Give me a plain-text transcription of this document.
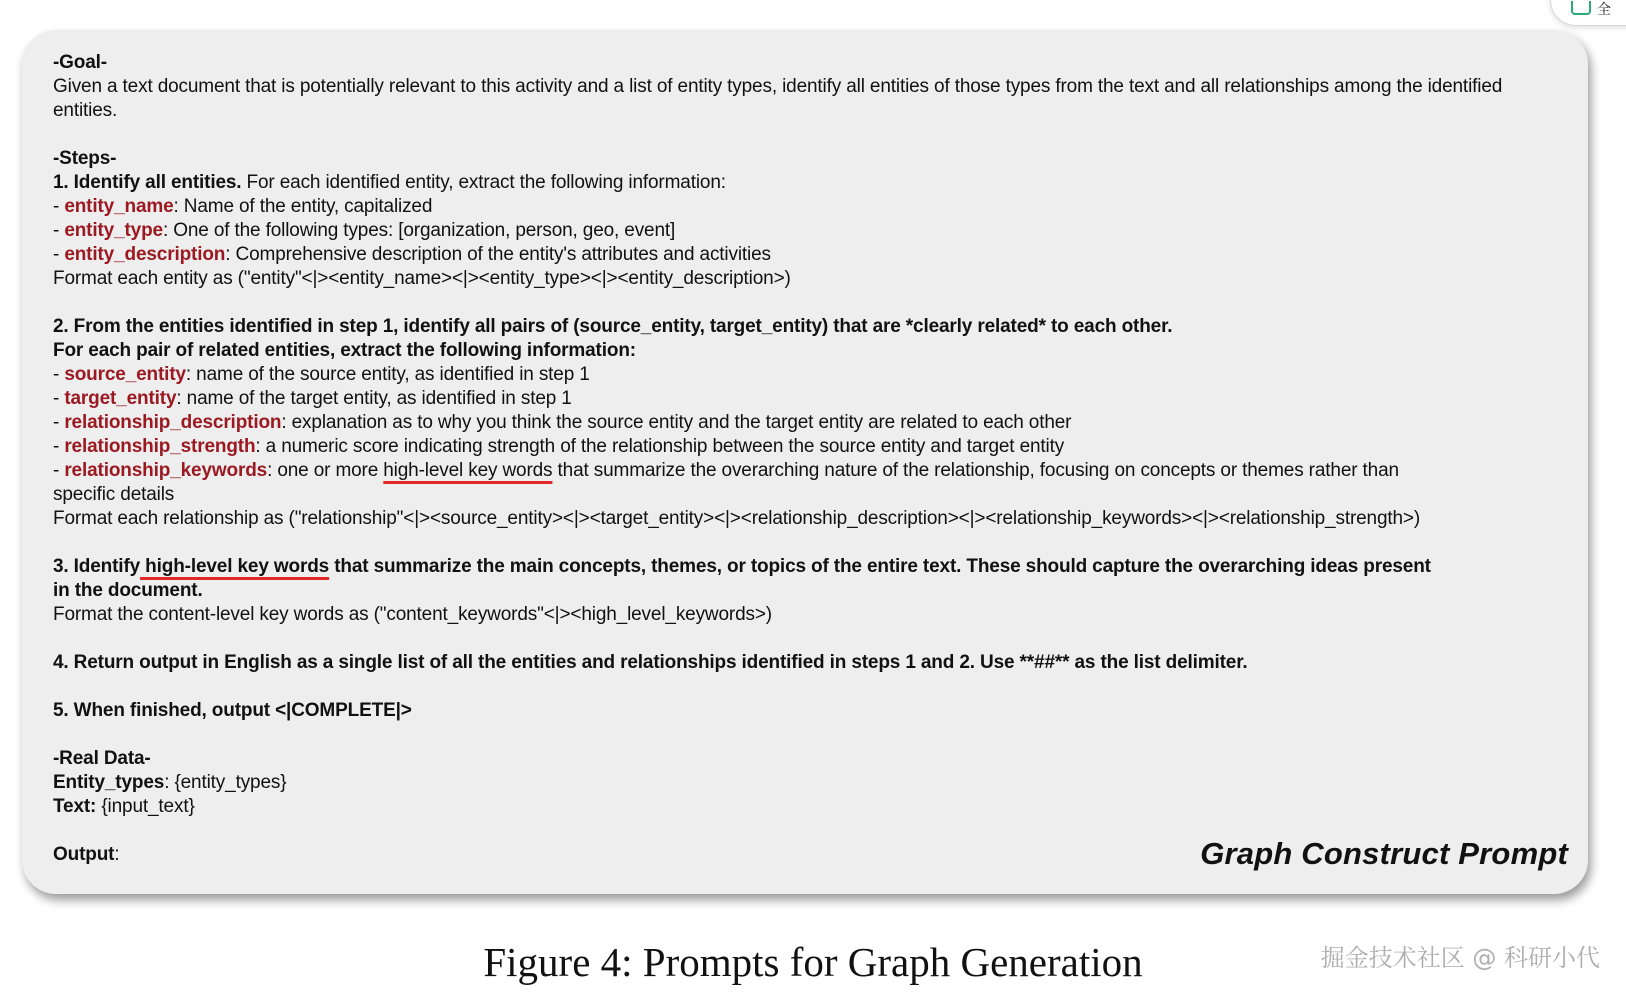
全
-Goal-
Given a text document that is potentially relevant to this activity and a list of entity types, identify all entities of those types from the text and all relationships among the identified entities.
-Steps-
1. Identify all entities. For each identified entity, extract the following information:
- entity_name: Name of the entity, capitalized
- entity_type: One of the following types: [organization, person, geo, event]
- entity_description: Comprehensive description of the entity's attributes and activities
Format each entity as ("entity"<|><entity_name><|><entity_type><|><entity_description>)
2. From the entities identified in step 1, identify all pairs of (source_entity, target_entity) that are *clearly related* to each other.
For each pair of related entities, extract the following information:
- source_entity: name of the source entity, as identified in step 1
- target_entity: name of the target entity, as identified in step 1
- relationship_description: explanation as to why you think the source entity and the target entity are related to each other
- relationship_strength: a numeric score indicating strength of the relationship between the source entity and target entity
- relationship_keywords: one or more high-level key words that summarize the overarching nature of the relationship, focusing on concepts or themes rather than
specific details
Format each relationship as ("relationship"<|><source_entity><|><target_entity><|><relationship_description><|><relationship_keywords><|><relationship_strength>)
3. Identify high-level key words that summarize the main concepts, themes, or topics of the entire text. These should capture the overarching ideas present
in the document.
Format the content-level key words as ("content_keywords"<|><high_level_keywords>)
4. Return output in English as a single list of all the entities and relationships identified in steps 1 and 2. Use **##** as the list delimiter.
5. When finished, output <|COMPLETE|>
-Real Data-
Entity_types: {entity_types}
Text: {input_text}
Output:	Graph Construct Prompt
Figure 4: Prompts for Graph Generation	掘金技术社区 @ 科研小代
